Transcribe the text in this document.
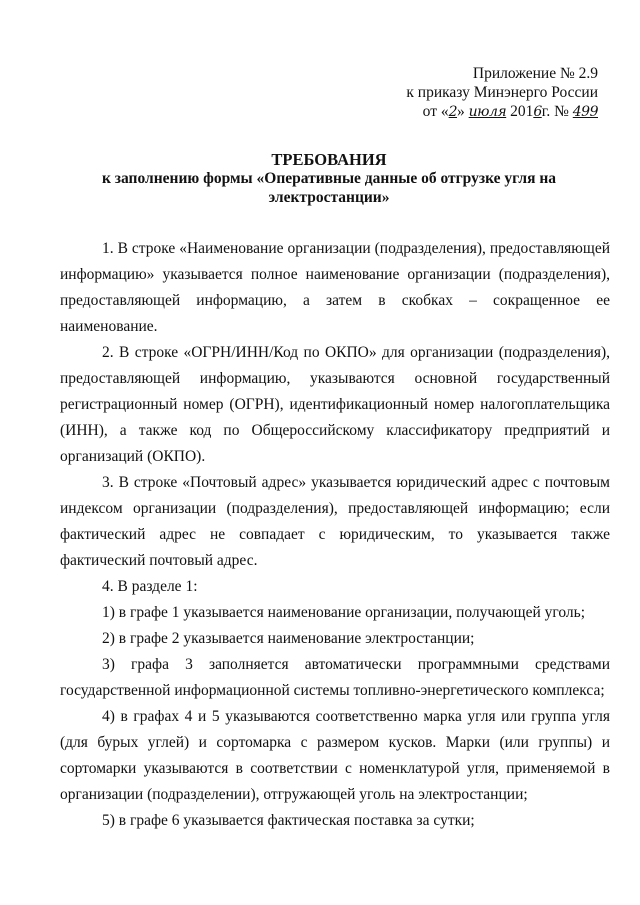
Приложение № 2.9
к приказу Минэнерго России
от «2» июля 2016г. № 499
ТРЕБОВАНИЯ
к заполнению формы «Оперативные данные об отгрузке угля на
электростанции»

1. В строке «Наименование организации (подразделения), предоставляющей информацию» указывается полное наименование организации (подразделения), предоставляющей информацию, а затем в скобках – сокращенное ее наименование.

2. В строке «ОГРН/ИНН/Код по ОКПО» для организации (подразделения), предоставляющей информацию, указываются основной государственный регистрационный номер (ОГРН), идентификационный номер налогоплательщика (ИНН), а также код по Общероссийскому классификатору предприятий и организаций (ОКПО).

3. В строке «Почтовый адрес» указывается юридический адрес с почтовым индексом организации (подразделения), предоставляющей информацию; если фактический адрес не совпадает с юридическим, то указывается также фактический почтовый адрес.

4. В разделе 1:

1) в графе 1 указывается наименование организации, получающей уголь;

2) в графе 2 указывается наименование электростанции;

3) графа 3 заполняется автоматически программными средствами государственной информационной системы топливно-энергетического комплекса;

4) в графах 4 и 5 указываются соответственно марка угля или группа угля (для бурых углей) и сортомарка с размером кусков. Марки (или группы) и сортомарки указываются в соответствии с номенклатурой угля, применяемой в организации (подразделении), отгружающей уголь на электростанции;

5) в графе 6 указывается фактическая поставка за сутки;
